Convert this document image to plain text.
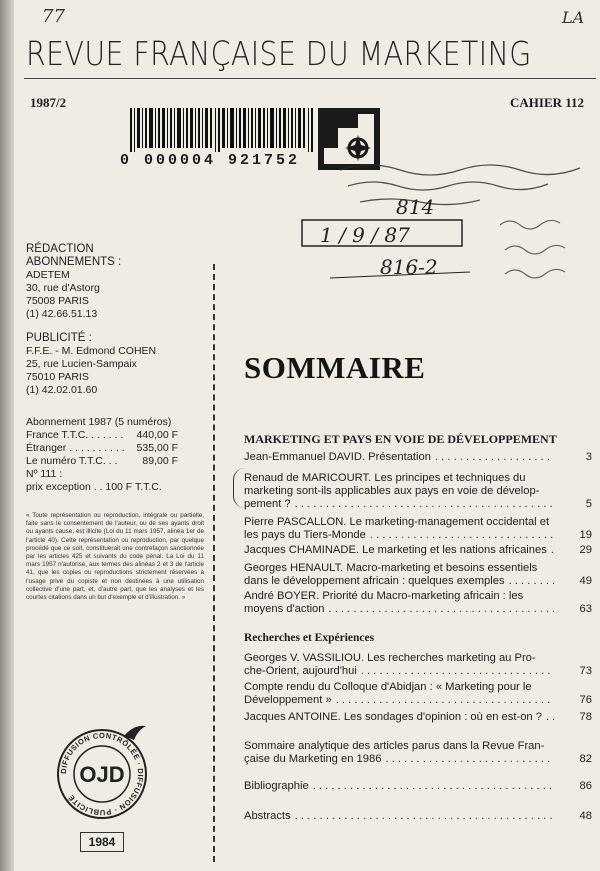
77	LA
REVUE FRANÇAISE DU MARKETING
1987/2	CAHIER 112
0 000004 921752
814
1 / 9 / 87
816-2
RÉDACTION
ABONNEMENTS :
ADETEM
30, rue d'Astorg
75008 PARIS
(1) 42.66.51.13
PUBLICITÉ :
F.F.E. - M. Edmond COHEN
25, rue Lucien-Sampaix
75010 PARIS
(1) 42.02.01.60
Abonnement 1987 (5 numéros)
France T.T.C. . . . . . . 440,00 F
Étranger . . . . . . . . . . 535,00 F
Le numéro T.T.C. . . 89,00 F
Nº 111 :
prix exception . . 100 F T.T.C.
« Toute représentation ou reproduction, intégrale ou partielle, faite sans le consentement de l'auteur, ou de ses ayants droit ou ayants cause, est illicite (Loi du 11 mars 1957, alinéa 1er de l'article 40). Cette représentation ou reproduction, par quelque procédé que ce soit, constituerait une contrefaçon sanctionnée par les articles 425 et suivants du code pénal. La Loi du 11 mars 1957 n'autorise, aux termes des alinéas 2 et 3 de l'article 41, que les copies ou reproductions strictement réservées à l'usage privé du copiste et non destinées à une utilisation collective d'une part, et, d'autre part, que les analyses et les courtes citations dans un but d'exemple et d'illustration. »
DIFFUSION CONTRÔLÉE · DIFFUSION · PUBLICITÉ
OJD
1984
SOMMAIRE
MARKETING ET PAYS EN VOIE DE DÉVELOPPEMENT
Jean-Emmanuel DAVID. Présentation . . .	3
Renaud de MARICOURT. Les principes et techniques du
marketing sont-ils applicables aux pays en voie de dévelop-
pement ? . . .	5
Pierre PASCALLON. Le marketing-management occidental et
les pays du Tiers-Monde . . .	19
Jacques CHAMINADE. Le marketing et les nations africaines . . .	29
Georges HENAULT. Macro-marketing et besoins essentiels
dans le développement africain : quelques exemples . . .	49
André BOYER. Priorité du Macro-marketing africain : les
moyens d'action . . .	63
Georges V. VASSILIOU. Les recherches marketing au Pro-
che-Orient, aujourd'hui . . .	73
Compte rendu du Colloque d'Abidjan : « Marketing pour le
Développement » . . .	76
Jacques ANTOINE. Les sondages d'opinion : où en est-on ? . . .	78
Sommaire analytique des articles parus dans la Revue Fran-
çaise du Marketing en 1986 . . .	82
Bibliographie . . .	86
Abstracts . . .	48
Recherches et Expériences
